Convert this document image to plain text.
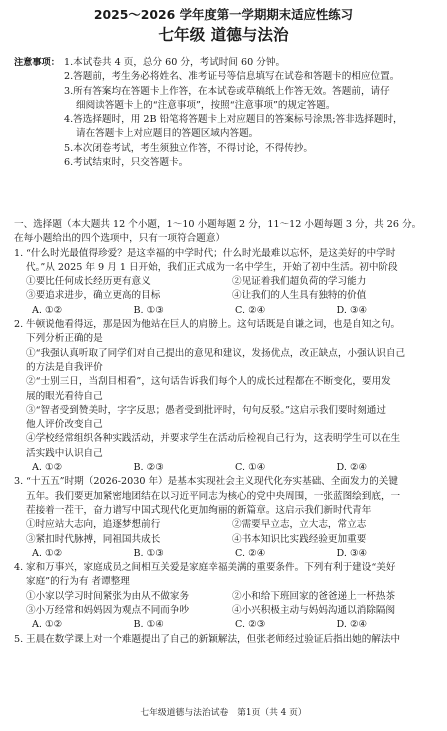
2025～2026 学年度第一学期期末适应性练习
七年级 道德与法治
注意事项： 1.本试卷共 4 页，总分 60 分，考试时间 60 分钟。
2.答题前，考生务必将姓名、准考证号等信息填写在试卷和答题卡的相应位置。
3.所有答案均在答题卡上作答，在本试卷或草稿纸上作答无效。答题前，请仔
细阅读答题卡上的“注意事项”，按照“注意事项”的规定答题。
4.答选择题时，用 2B 铅笔将答题卡上对应题目的答案标号涂黑;答非选择题时，
请在答题卡上对应题目的答题区域内答题。
5.本次闭卷考试，考生须独立作答，不得讨论，不得传抄。
6.考试结束时，只交答题卡。
一、选择题（本大题共 12 个小题，1～10 小题每题 2 分，11～12 小题每题 3 分，共 26 分。
在每小题给出的四个选项中，只有一项符合题意）
1. “什么时光最值得珍爱？是这幸福的中学时代；什么时光最难以忘怀，是这美好的中学时
代。”从 2025 年 9 月 1 日开始，我们正式成为一名中学生，开始了初中生活。初中阶段
①要比任何成长经历更有意义	②见证着我们超负荷的学习能力
③要追求进步，确立更高的目标	④让我们的人生具有独特的价值
A. ①②	B. ①③	C. ②④	D. ③④
2. 牛顿说他看得远，那是因为他站在巨人的肩膀上。这句话既是自谦之词，也是自知之句。
下列分析正确的是
①“我强认真听取了同学们对自己提出的意见和建议，发扬优点，改正缺点，小强认识自己
的方法是自我评价
②“士别三日，当刮目相看”，这句话告诉我们每个人的成长过程都在不断变化，要用发
展的眼光看待自己
③“智者受到赞美时，字字反思；愚者受到批评时，句句反驳。”这启示我们要时刻通过
他人评价改变自己
④学校经常组织各种实践活动，并要求学生在活动后检视自己行为，这表明学生可以在生
活实践中认识自己
A. ①②	B. ②③	C. ①④	D. ②④
3. “十五五”时期（2026-2030 年）是基本实现社会主义现代化夯实基础、全面发力的关键
五年。我们要更加紧密地团结在以习近平同志为核心的党中央周围，一张蓝图绘到底，一
茬接着一茬干，奋力谱写中国式现代化更加绚丽的新篇章。这启示我们新时代青年
①时应站大志向，追逐梦想前行	②需要早立志，立大志，常立志
③紧扣时代脉搏，同祖国共成长	④书本知识比实践经验更加重要
A. ①②	B. ①③	C. ②④	D. ③④
4. 家和万事兴，家庭成员之间相互关爱是家庭幸福美满的重要条件。下列有利于建设“美好
家庭”的行为有 者谭整理
①小家以学习时间紧张为由从不做家务	②小和给下班回家的爸爸递上一杯热茶
③小万经常和妈妈因为观点不同而争吵	④小兴积极主动与妈妈沟通以消除隔阂
A. ①②	B. ①④	C. ②③	D. ②④
5. 王晨在数学课上对一个难题提出了自己的新颖解法，但张老师经过验证后指出她的解法中
七年级道德与法治试卷　第1页（共 4 页）
